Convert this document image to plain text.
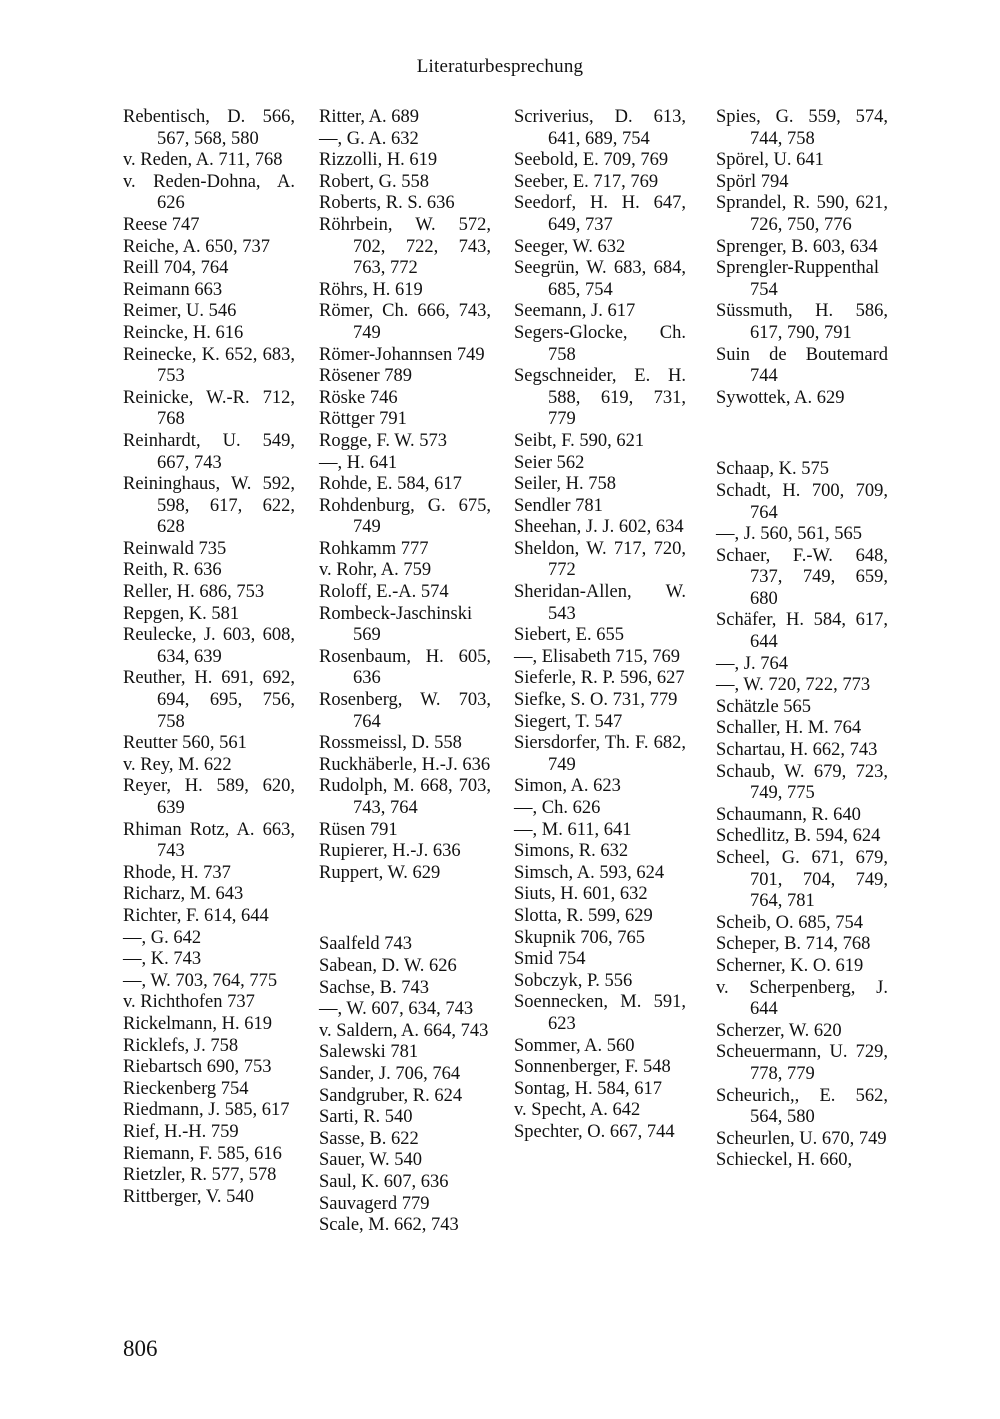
Literaturbesprechung
Rebentisch, D. 566, 567, 568, 580
v. Reden, A. 711, 768
v. Reden-Dohna, A. 626
Reese 747
Reiche, A. 650, 737
Reill 704, 764
Reimann 663
Reimer, U. 546
Reincke, H. 616
Reinecke, K. 652, 683, 753
Reinicke, W.-R. 712, 768
Reinhardt, U. 549, 667, 743
Reininghaus, W. 592, 598, 617, 622, 628
Reinwald 735
Reith, R. 636
Reller, H. 686, 753
Repgen, K. 581
Reulecke, J. 603, 608, 634, 639
Reuther, H. 691, 692, 694, 695, 756, 758
Reutter 560, 561
v. Rey, M. 622
Reyer, H. 589, 620, 639
Rhiman Rotz, A. 663, 743
Rhode, H. 737
Richarz, M. 643
Richter, F. 614, 644
—, G. 642
—, K. 743
—, W. 703, 764, 775
v. Richthofen 737
Rickelmann, H. 619
Ricklefs, J. 758
Riebartsch 690, 753
Rieckenberg 754
Riedmann, J. 585, 617
Rief, H.-H. 759
Riemann, F. 585, 616
Rietzler, R. 577, 578
Rittberger, V. 540
Ritter, A. 689
—, G. A. 632
Rizzolli, H. 619
Robert, G. 558
Roberts, R. S. 636
Röhrbein, W. 572, 702, 722, 743, 763, 772
Röhrs, H. 619
Römer, Ch. 666, 743, 749
Römer-Johannsen 749
Rösener 789
Röske 746
Röttger 791
Rogge, F. W. 573
—, H. 641
Rohde, E. 584, 617
Rohdenburg, G. 675, 749
Rohkamm 777
v. Rohr, A. 759
Roloff, E.-A. 574
Rombeck-Jaschinski 569
Rosenbaum, H. 605, 636
Rosenberg, W. 703, 764
Rossmeissl, D. 558
Ruckhäberle, H.-J. 636
Rudolph, M. 668, 703, 743, 764
Rüsen 791
Rupierer, H.-J. 636
Ruppert, W. 629
Saalfeld 743
Sabean, D. W. 626
Sachse, B. 743
—, W. 607, 634, 743
v. Saldern, A. 664, 743
Salewski 781
Sander, J. 706, 764
Sandgruber, R. 624
Sarti, R. 540
Sasse, B. 622
Sauer, W. 540
Saul, K. 607, 636
Sauvagerd 779
Scale, M. 662, 743
Scriverius, D. 613, 641, 689, 754
Seebold, E. 709, 769
Seeber, E. 717, 769
Seedorf, H. H. 647, 649, 737
Seeger, W. 632
Seegrün, W. 683, 684, 685, 754
Seemann, J. 617
Segers-Glocke, Ch. 758
Segschneider, E. H. 588, 619, 731, 779
Seibt, F. 590, 621
Seier 562
Seiler, H. 758
Sendler 781
Sheehan, J. J. 602, 634
Sheldon, W. 717, 720, 772
Sheridan-Allen, W. 543
Siebert, E. 655
—, Elisabeth 715, 769
Sieferle, R. P. 596, 627
Siefke, S. O. 731, 779
Siegert, T. 547
Siersdorfer, Th. F. 682, 749
Simon, A. 623
—, Ch. 626
—, M. 611, 641
Simons, R. 632
Simsch, A. 593, 624
Siuts, H. 601, 632
Slotta, R. 599, 629
Skupnik 706, 765
Smid 754
Sobczyk, P. 556
Soennecken, M. 591, 623
Sommer, A. 560
Sonnenberger, F. 548
Sontag, H. 584, 617
v. Specht, A. 642
Spechter, O. 667, 744
Spies, G. 559, 574, 744, 758
Spörel, U. 641
Spörl 794
Sprandel, R. 590, 621, 726, 750, 776
Sprenger, B. 603, 634
Sprengler-Ruppenthal 754
Süssmuth, H. 586, 617, 790, 791
Suin de Boutemard 744
Sywottek, A. 629
Schaap, K. 575
Schadt, H. 700, 709, 764
—, J. 560, 561, 565
Schaer, F.-W. 648, 737, 749, 659, 680
Schäfer, H. 584, 617, 644
—, J. 764
—, W. 720, 722, 773
Schätzle 565
Schaller, H. M. 764
Schartau, H. 662, 743
Schaub, W. 679, 723, 749, 775
Schaumann, R. 640
Schedlitz, B. 594, 624
Scheel, G. 671, 679, 701, 704, 749, 764, 781
Scheib, O. 685, 754
Scheper, B. 714, 768
Scherner, K. O. 619
v. Scherpenberg, J. 644
Scherzer, W. 620
Scheuermann, U. 729, 778, 779
Scheurich,, E. 562, 564, 580
Scheurlen, U. 670, 749
Schieckel, H. 660,
806
